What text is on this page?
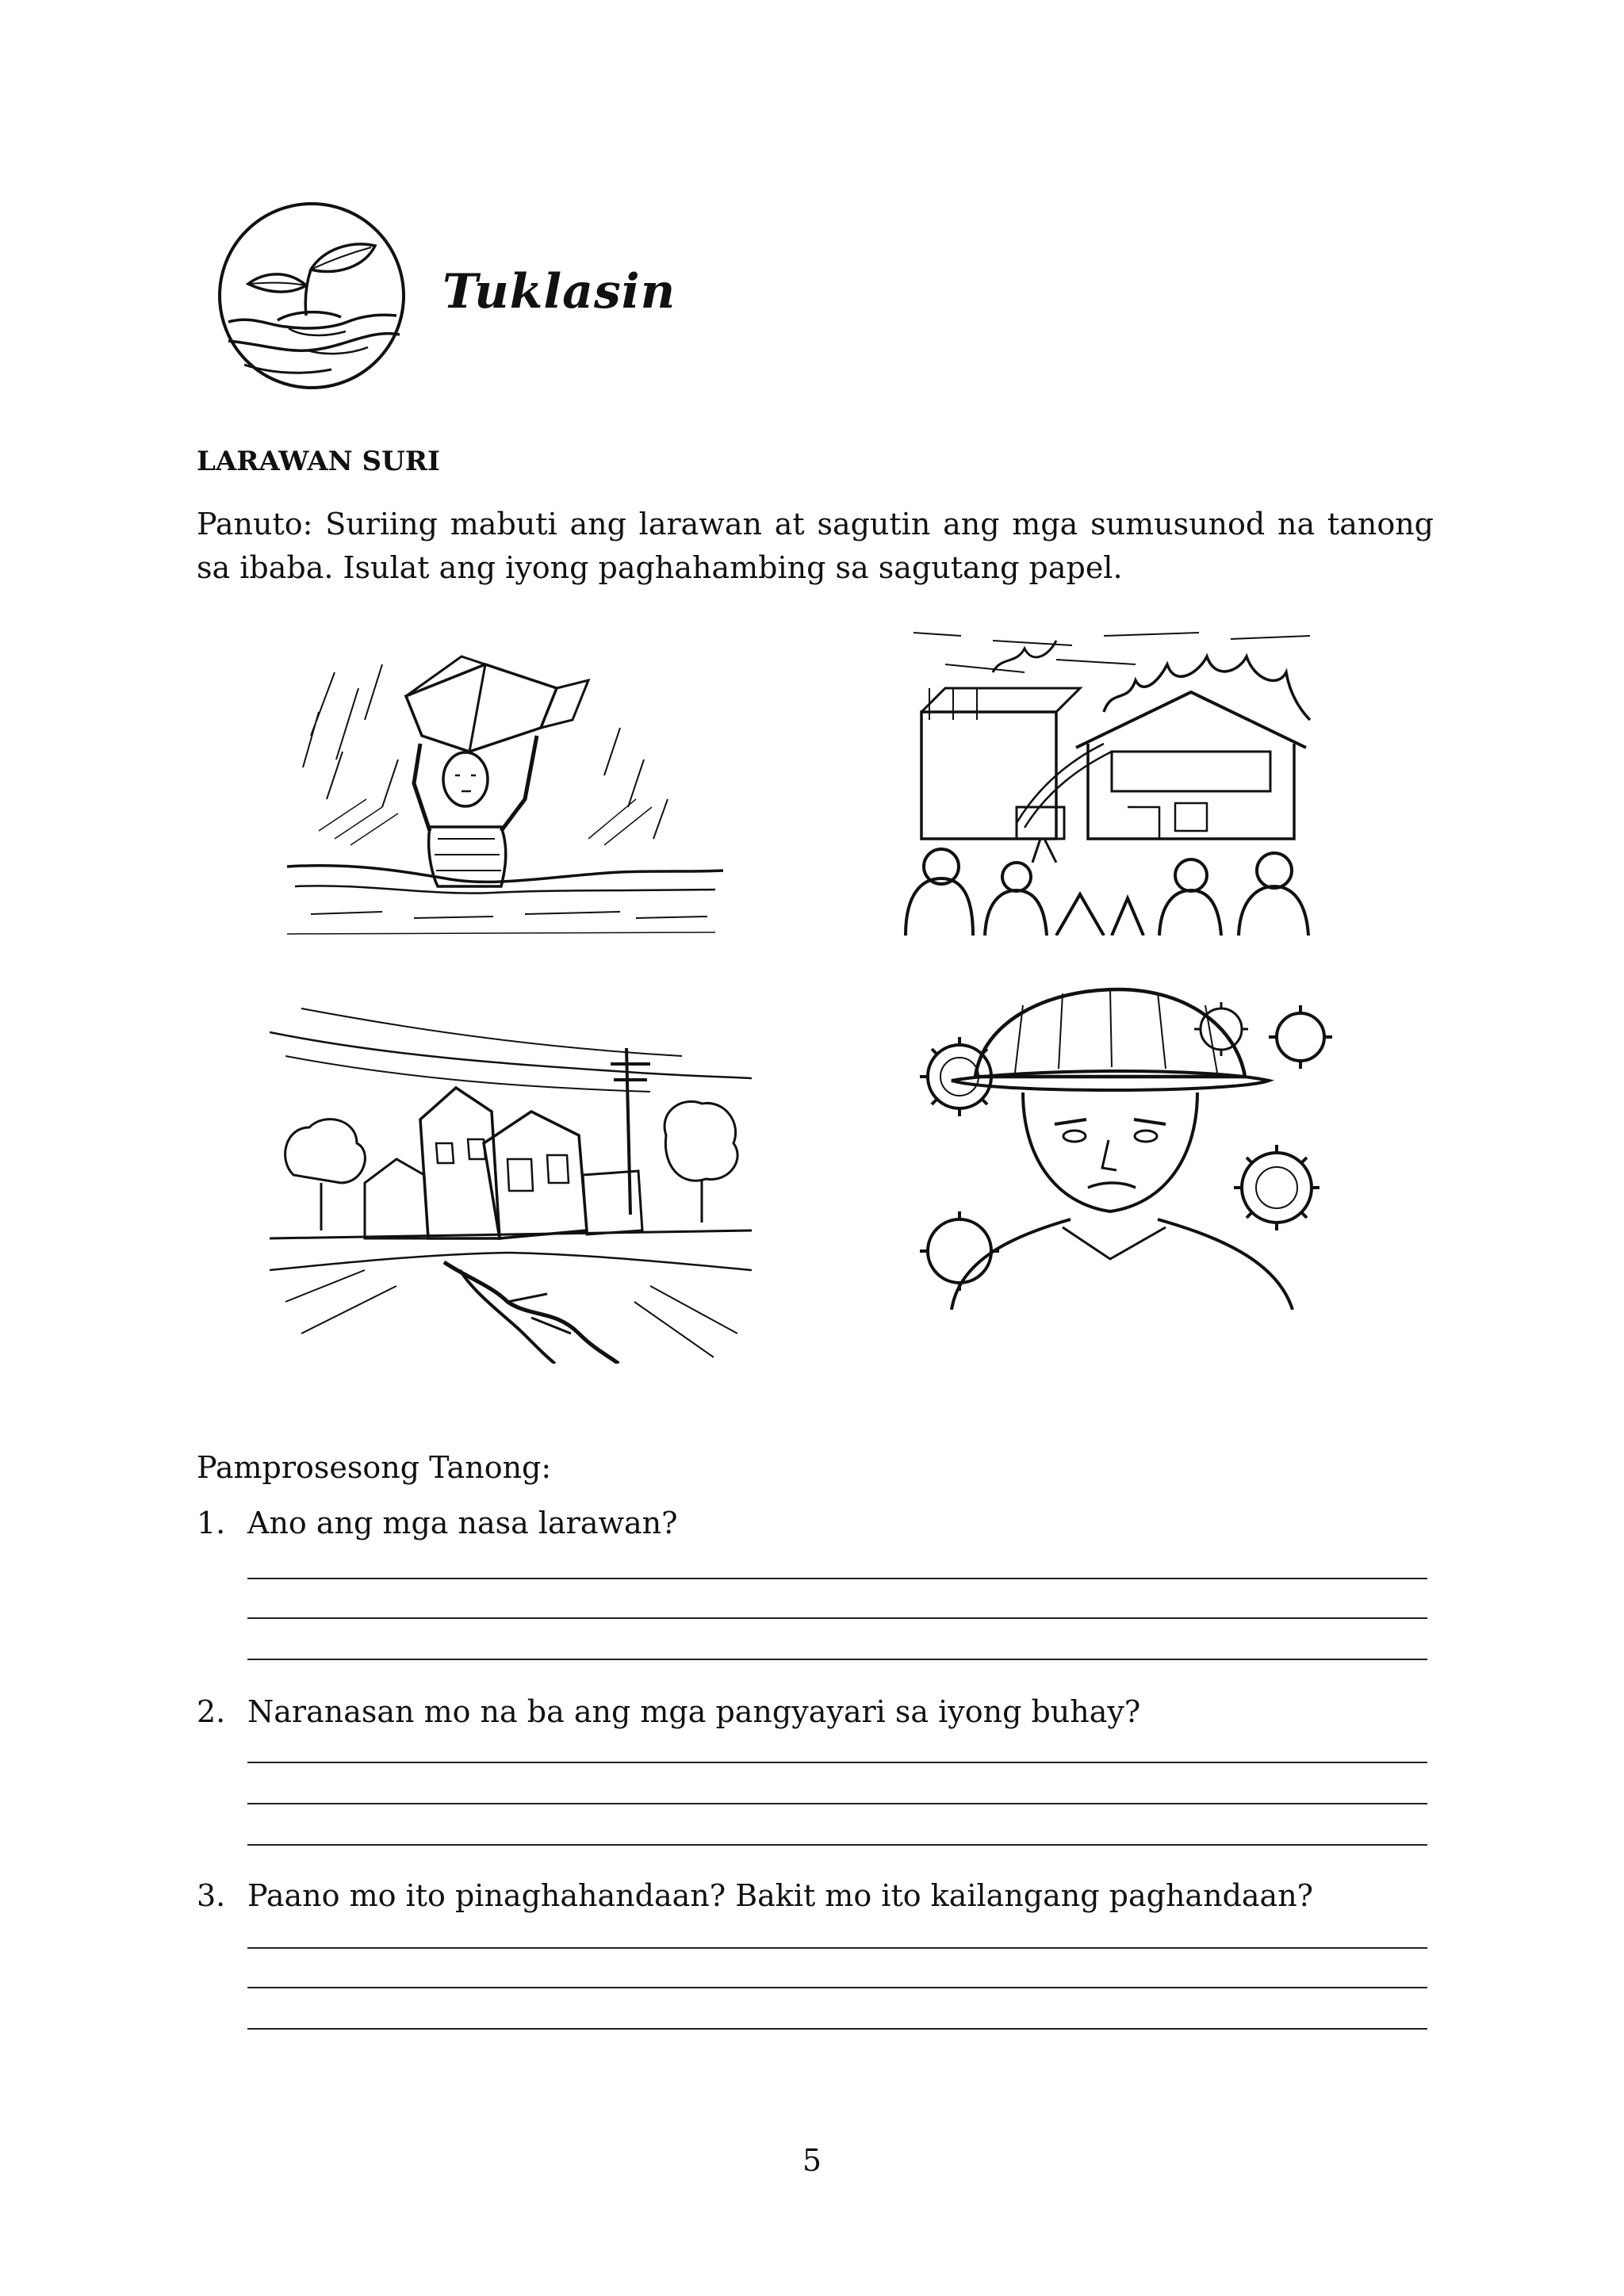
Tuklasin
LARAWAN SURI

Panuto: Suriing mabuti ang larawan at sagutin ang mga sumusunod na tanong sa ibaba. Isulat ang iyong paghahambing sa sagutang papel.

Pamprosesong Tanong:

1. Ano ang mga nasa larawan?
2. Naranasan mo na ba ang mga pangyayari sa iyong buhay?
3. Paano mo ito pinaghahandaan? Bakit mo ito kailangang paghandaan?
5
